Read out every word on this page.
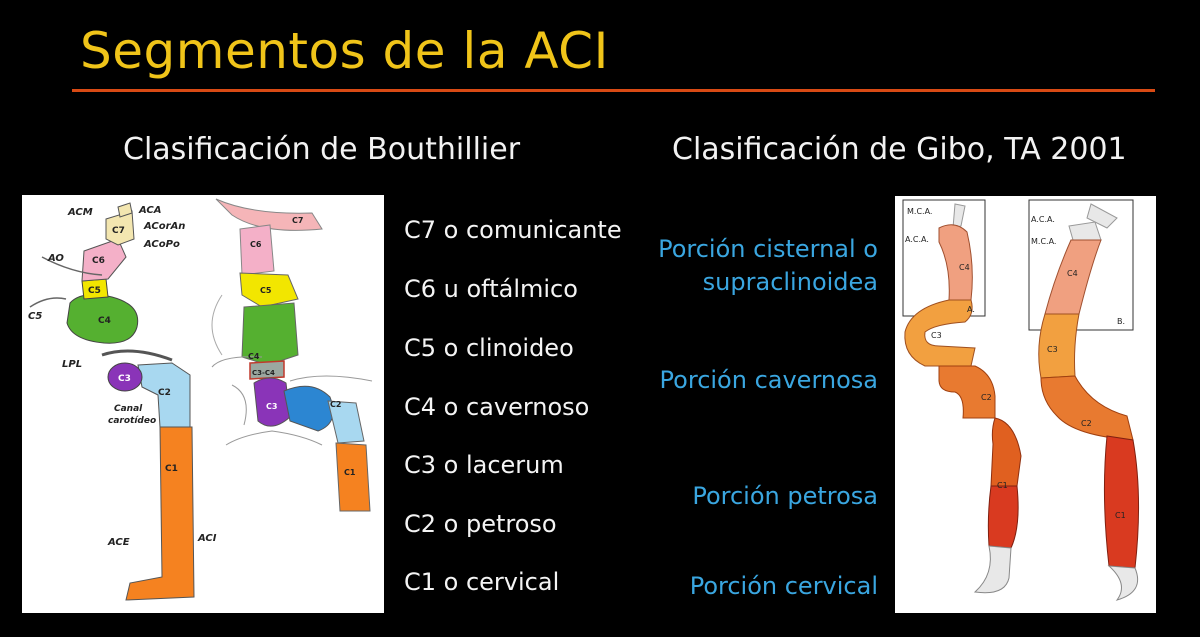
Segmentos de la ACI
Clasificación de Bouthillier	Clasificación de Gibo, TA 2001
ACM	ACA
ACorAn
ACoPo
AO
C5
LPL
Canal
carotídeo
ACE	ACI
C1
C2
C3
C4
C5
C6
C7
C7
C6
C5
C4
C3-C4
C3	C2
C1
C7 o comunicante
C6 u oftálmico
C5 o clinoideo
C4 o cavernoso
C3 o lacerum
C2 o petroso
C1 o cervical
Porción cisternal o
supraclinoidea
Porción cavernosa
Porción petrosa
Porción cervical
M.C.A.
A.C.A.
A.C.A.
M.C.A.
A.
B.
C4
C3
C2
C1
C4
C3
C2
C1
